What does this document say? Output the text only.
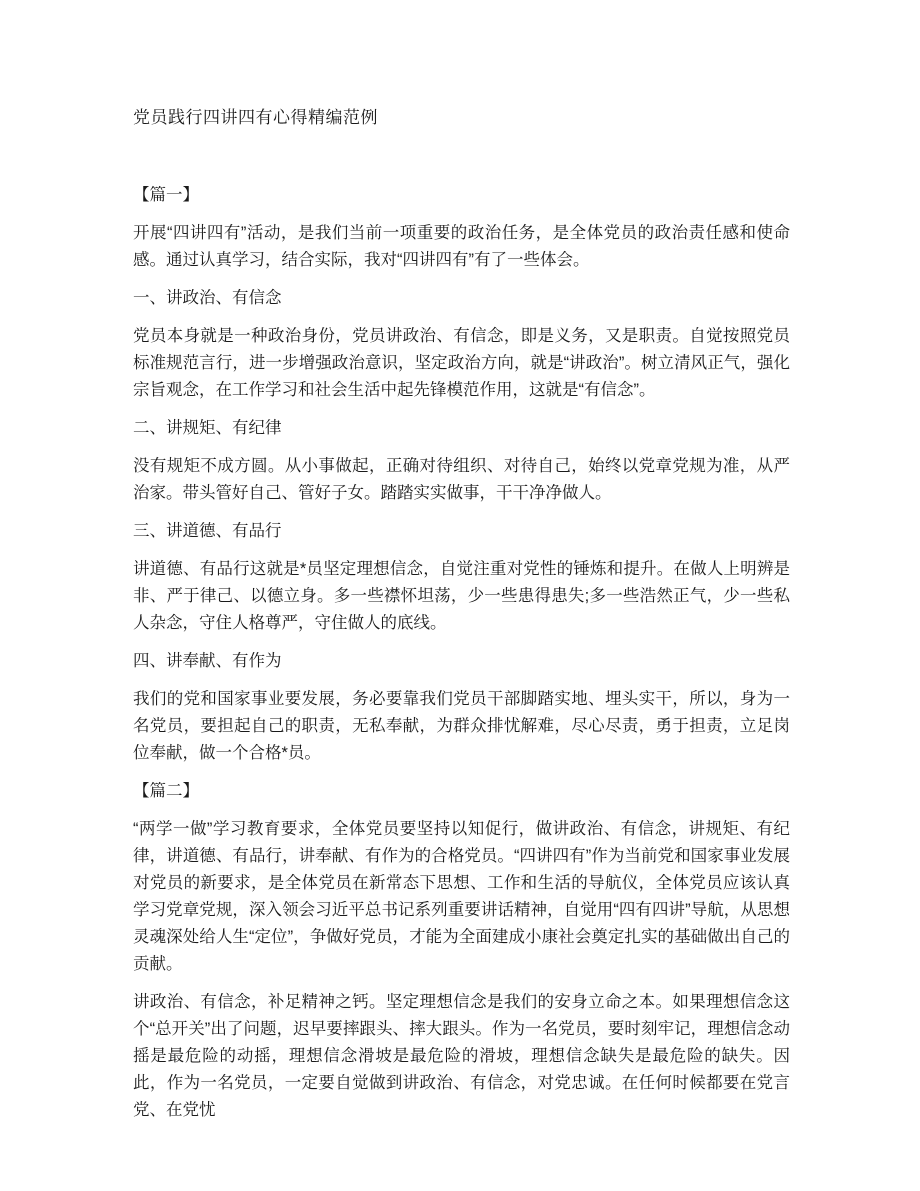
党员践行四讲四有心得精编范例

【篇一】

开展“四讲四有”活动，是我们当前一项重要的政治任务，是全体党员的政治责任感和使命感。通过认真学习，结合实际，我对“四讲四有”有了一些体会。

一、讲政治、有信念

党员本身就是一种政治身份，党员讲政治、有信念，即是义务，又是职责。自觉按照党员标准规范言行，进一步增强政治意识，坚定政治方向，就是“讲政治”。树立清风正气，强化宗旨观念，在工作学习和社会生活中起先锋模范作用，这就是“有信念”。

二、讲规矩、有纪律

没有规矩不成方圆。从小事做起，正确对待组织、对待自己，始终以党章党规为准，从严治家。带头管好自己、管好子女。踏踏实实做事，干干净净做人。

三、讲道德、有品行

讲道德、有品行这就是*员坚定理想信念，自觉注重对党性的锤炼和提升。在做人上明辨是非、严于律己、以德立身。多一些襟怀坦荡，少一些患得患失;多一些浩然正气，少一些私人杂念，守住人格尊严，守住做人的底线。

四、讲奉献、有作为

我们的党和国家事业要发展，务必要靠我们党员干部脚踏实地、埋头实干，所以，身为一名党员，要担起自己的职责，无私奉献，为群众排忧解难，尽心尽责，勇于担责，立足岗位奉献，做一个合格*员。

【篇二】

“两学一做”学习教育要求，全体党员要坚持以知促行，做讲政治、有信念，讲规矩、有纪律，讲道德、有品行，讲奉献、有作为的合格党员。“四讲四有”作为当前党和国家事业发展对党员的新要求，是全体党员在新常态下思想、工作和生活的导航仪，全体党员应该认真学习党章党规，深入领会习近平总书记系列重要讲话精神，自觉用“四有四讲”导航，从思想灵魂深处给人生“定位”，争做好党员，才能为全面建成小康社会奠定扎实的基础做出自己的贡献。

讲政治、有信念，补足精神之钙。坚定理想信念是我们的安身立命之本。如果理想信念这个“总开关”出了问题，迟早要摔跟头、摔大跟头。作为一名党员，要时刻牢记，理想信念动摇是最危险的动摇，理想信念滑坡是最危险的滑坡，理想信念缺失是最危险的缺失。因此，作为一名党员，一定要自觉做到讲政治、有信念，对党忠诚。在任何时候都要在党言党、在党忧
